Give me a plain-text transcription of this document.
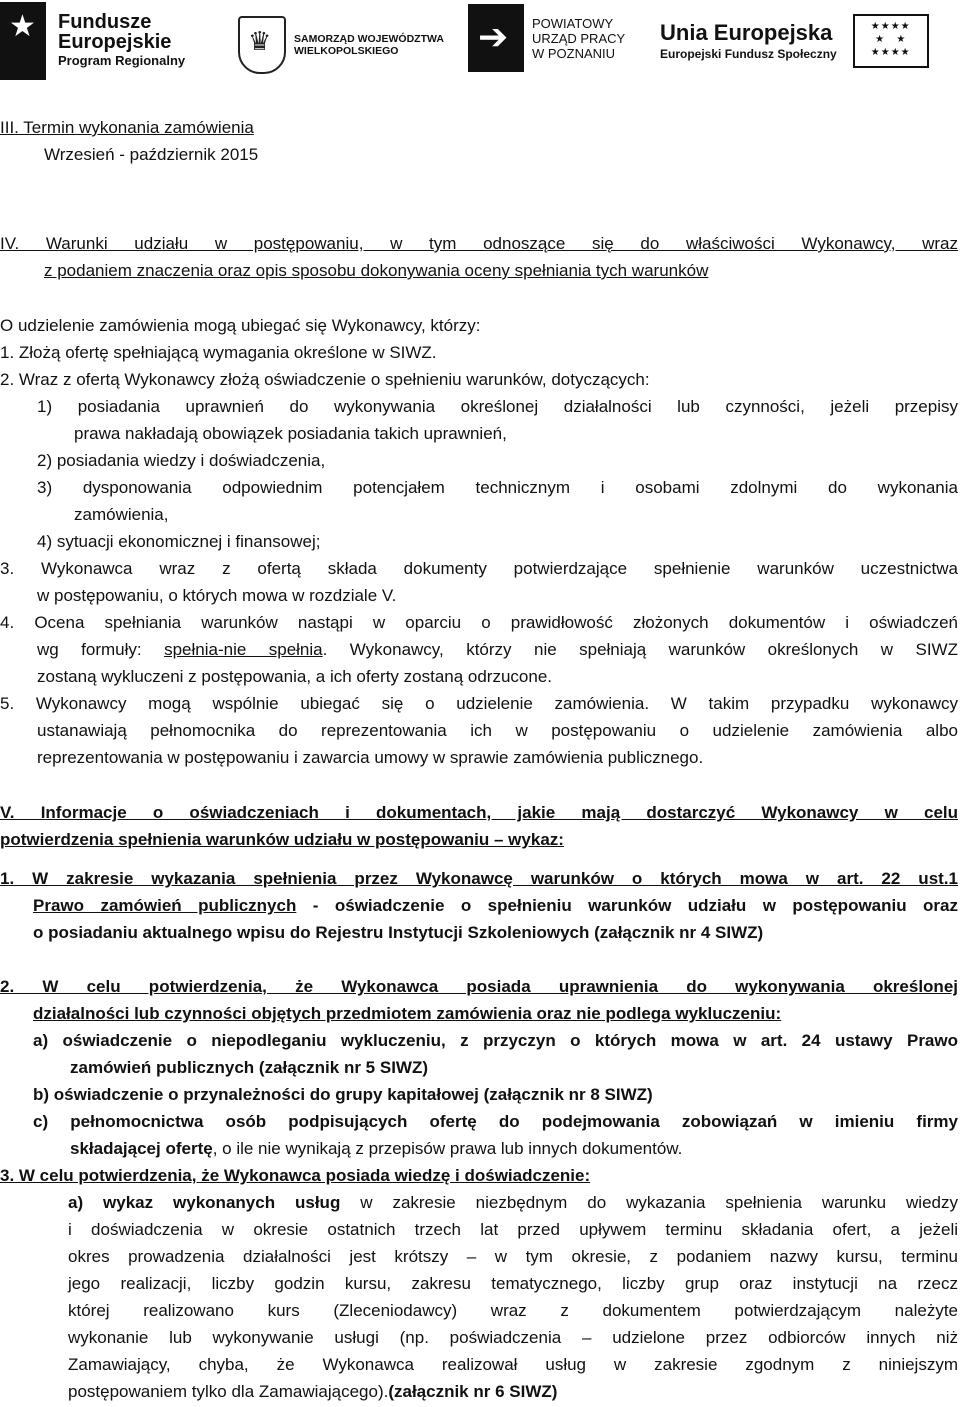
★ Fundusze
Europejskie
Program Regionalny
♛ SAMORZĄD WOJEWÓDZTWA
WIELKOPOLSKIEGO	➔ POWIATOWY
URZĄD PRACY
W POZNANIU
Unia Europejska
Europejski Fundusz Społeczny
★★★★
★   ★
★★★★
III. Termin wykonania zamówienia
Wrzesień - październik 2015
IV. Warunki udziału w postępowaniu, w tym odnoszące się do właściwości Wykonawcy, wraz
z podaniem znaczenia oraz opis sposobu dokonywania oceny spełniania tych warunków
O udzielenie zamówienia mogą ubiegać się Wykonawcy, którzy:
1. Złożą ofertę spełniającą wymagania określone w SIWZ.
2. Wraz z ofertą Wykonawcy złożą oświadczenie o spełnieniu warunków, dotyczących:
1) posiadania uprawnień do wykonywania określonej działalności lub czynności, jeżeli przepisy
prawa nakładają obowiązek posiadania takich uprawnień,
2) posiadania wiedzy i doświadczenia,
3) dysponowania odpowiednim potencjałem technicznym i osobami zdolnymi do wykonania
zamówienia,
4) sytuacji ekonomicznej i finansowej;
3. Wykonawca wraz z ofertą składa dokumenty potwierdzające spełnienie warunków uczestnictwa
w postępowaniu, o których mowa w rozdziale V.
4. Ocena spełniania warunków nastąpi w oparciu o prawidłowość złożonych dokumentów i oświadczeń
wg formuły: spełnia-nie spełnia. Wykonawcy, którzy nie spełniają warunków określonych w SIWZ
zostaną wykluczeni z postępowania, a ich oferty zostaną odrzucone.
5. Wykonawcy mogą wspólnie ubiegać się o udzielenie zamówienia. W takim przypadku wykonawcy
ustanawiają pełnomocnika do reprezentowania ich w postępowaniu o udzielenie zamówienia albo
reprezentowania w postępowaniu i zawarcia umowy w sprawie zamówienia publicznego.
V. Informacje o oświadczeniach i dokumentach, jakie mają dostarczyć Wykonawcy w celu
potwierdzenia spełnienia warunków udziału w postępowaniu – wykaz:
1. W zakresie wykazania spełnienia przez Wykonawcę warunków o których mowa w art. 22 ust.1
Prawo zamówień publicznych - oświadczenie o spełnieniu warunków udziału w postępowaniu oraz
o posiadaniu aktualnego wpisu do Rejestru Instytucji Szkoleniowych (załącznik nr 4 SIWZ)
2. W celu potwierdzenia, że Wykonawca posiada uprawnienia do wykonywania określonej
działalności lub czynności objętych przedmiotem zamówienia oraz nie podlega wykluczeniu:
a) oświadczenie o niepodleganiu wykluczeniu, z przyczyn o których mowa w art. 24 ustawy Prawo
zamówień publicznych (załącznik nr 5 SIWZ)
b) oświadczenie o przynależności do grupy kapitałowej (załącznik nr 8 SIWZ)
c) pełnomocnictwa osób podpisujących ofertę do podejmowania zobowiązań w imieniu firmy
składającej ofertę, o ile nie wynikają z przepisów prawa lub innych dokumentów.
3. W celu potwierdzenia, że Wykonawca posiada wiedzę i doświadczenie:
a) wykaz wykonanych usług w zakresie niezbędnym do wykazania spełnienia warunku wiedzy
i doświadczenia w okresie ostatnich trzech lat przed upływem terminu składania ofert, a jeżeli
okres prowadzenia działalności jest krótszy – w tym okresie, z podaniem nazwy kursu, terminu
jego realizacji, liczby godzin kursu, zakresu tematycznego, liczby grup oraz instytucji na rzecz
której realizowano kurs (Zleceniodawcy) wraz z dokumentem potwierdzającym należyte
wykonanie lub wykonywanie usługi (np. poświadczenia – udzielone przez odbiorców innych niż
Zamawiający, chyba, że Wykonawca realizował usług w zakresie zgodnym z niniejszym
postępowaniem tylko dla Zamawiającego).(załącznik nr 6 SIWZ)
